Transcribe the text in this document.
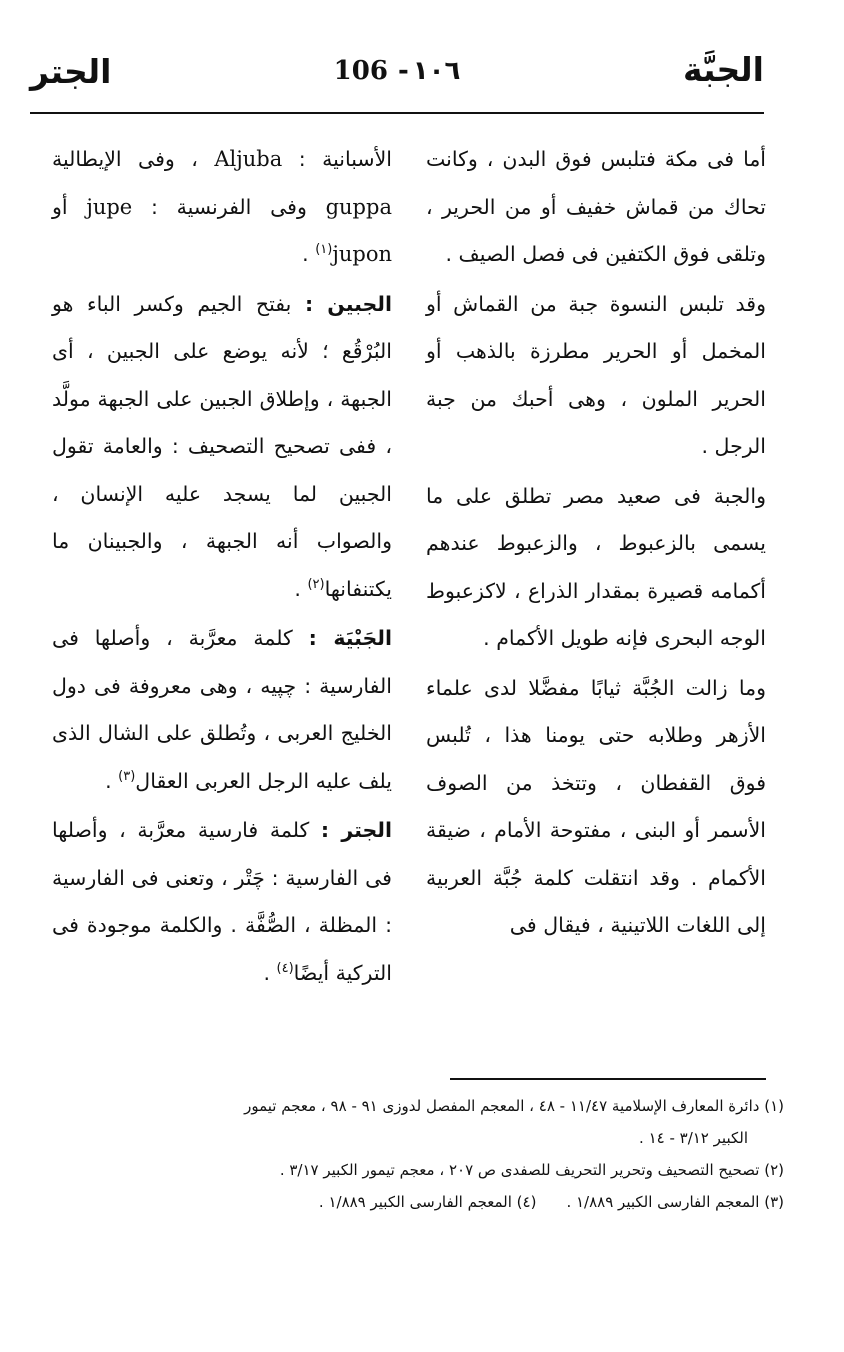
الجبَّة
106 - ١٠٦
الجتر

أما فى مكة فتلبس فوق البدن ، وكانت تحاك من قماش خفيف أو من الحرير ، وتلقى فوق الكتفين فى فصل الصيف .

وقد تلبس النسوة جبة من القماش أو المخمل أو الحرير مطرزة بالذهب أو الحرير الملون ، وهى أحبك من جبة الرجل .

والجبة فى صعيد مصر تطلق على ما يسمى بالزعبوط ، والزعبوط عندهم أكمامه قصيرة بمقدار الذراع ، لاكزعبوط الوجه البحرى فإنه طويل الأكمام .

وما زالت الجُبَّة ثيابًا مفضَّلا لدى علماء الأزهر وطلابه حتى يومنا هذا ، تُلبس فوق القفطان ، وتتخذ من الصوف الأسمر أو البنى ، مفتوحة الأمام ، ضيقة الأكمام . وقد انتقلت كلمة جُبَّة العربية إلى اللغات اللاتينية ، فيقال فى

الأسبانية : Aljuba ، وفى الإيطالية guppa وفى الفرنسية : jupe أو jupon$^{(١)}$ .

الجبين : بفتح الجيم وكسر الباء هو البُرْقُع ؛ لأنه يوضع على الجبين ، أى الجبهة ، وإطلاق الجبين على الجبهة مولَّد ، ففى تصحيح التصحيف : والعامة تقول الجبين لما يسجد عليه الإنسان ، والصواب أنه الجبهة ، والجبينان ما يكتنفانها$^{(٢)}$ .

الجَبْيَة : كلمة معرَّبة ، وأصلها فى الفارسية : چپيه ، وهى معروفة فى دول الخليج العربى ، وتُطلق على الشال الذى يلف عليه الرجل العربى العقال$^{(٣)}$ .

الجتر : كلمة فارسية معرَّبة ، وأصلها فى الفارسية : چَتْر ، وتعنى فى الفارسية : المظلة ، الصُّفَّة . والكلمة موجودة فى التركية أيضًا$^{(٤)}$ .

(١) دائرة المعارف الإسلامية ١١/٤٧ - ٤٨ ، المعجم المفصل لدوزى ٩١ - ٩٨ ، معجم تيمور
الكبير ٣/١٢ - ١٤ .

(٢) تصحيح التصحيف وتحرير التحريف للصفدى ص ٢٠٧ ، معجم تيمور الكبير ٣/١٧ .

(٣) المعجم الفارسى الكبير ١/٨٨٩ .
(٤) المعجم الفارسى الكبير ١/٨٨٩ .
